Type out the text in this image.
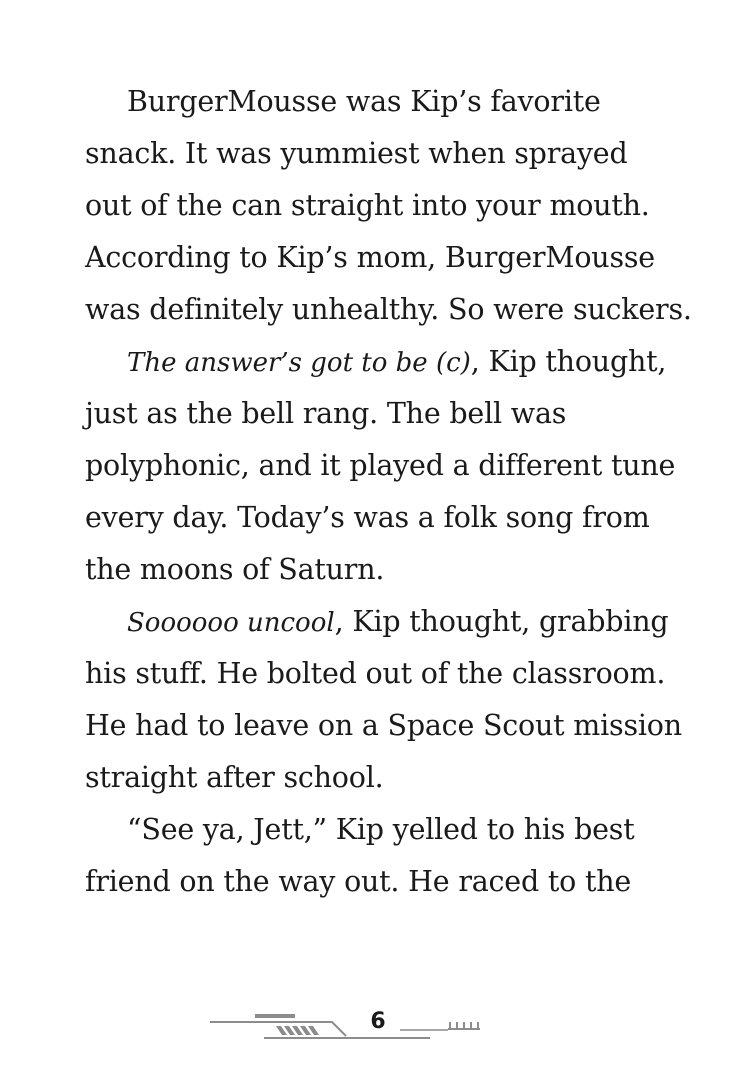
BurgerMousse was Kip’s favorite
snack. It was yummiest when sprayed
out of the can straight into your mouth.
According to Kip’s mom, BurgerMousse
was definitely unhealthy. So were suckers.
The answer’s got to be (c), Kip thought,
just as the bell rang. The bell was
polyphonic, and it played a different tune
every day. Today’s was a folk song from
the moons of Saturn.
Soooooo uncool, Kip thought, grabbing
his stuff. He bolted out of the classroom.
He had to leave on a Space Scout mission
straight after school.
“See ya, Jett,” Kip yelled to his best
friend on the way out. He raced to the
6
